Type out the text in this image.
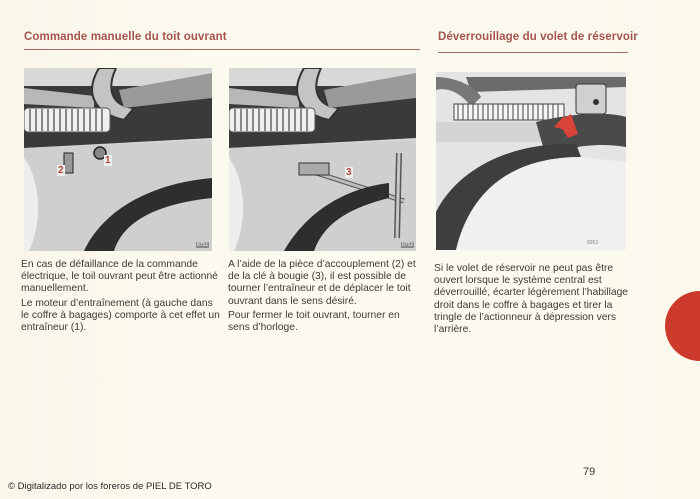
Commande manuelle du toit ouvrant	Déverrouillage du volet de réservoir
8751
1
2
8752
3
8953

En cas de défaillance de la commande électrique, le toil ouvrant peut être actionné manuellement.

Le moteur d’entraînement (à gauche dans le coffre à bagages) comporte à cet effet un entraîneur (1).

A l’aide de la pièce d’accouplement (2) et de la clé à bougie (3), il est possible de tourner l’entraîneur et de déplacer le toit ouvrant dans le sens désiré.

Pour fermer le toit ouvrant, tourner en sens d’horloge.

Si le volet de réservoir ne peut pas être ouvert lorsque le système central est déverrouillé, écarter légèrement l’habillage droit dans le coffre à bagages et tirer la tringle de l’actionneur à dépression vers l’arrière.

79
© Digitalizado por los foreros de PIEL DE TORO
